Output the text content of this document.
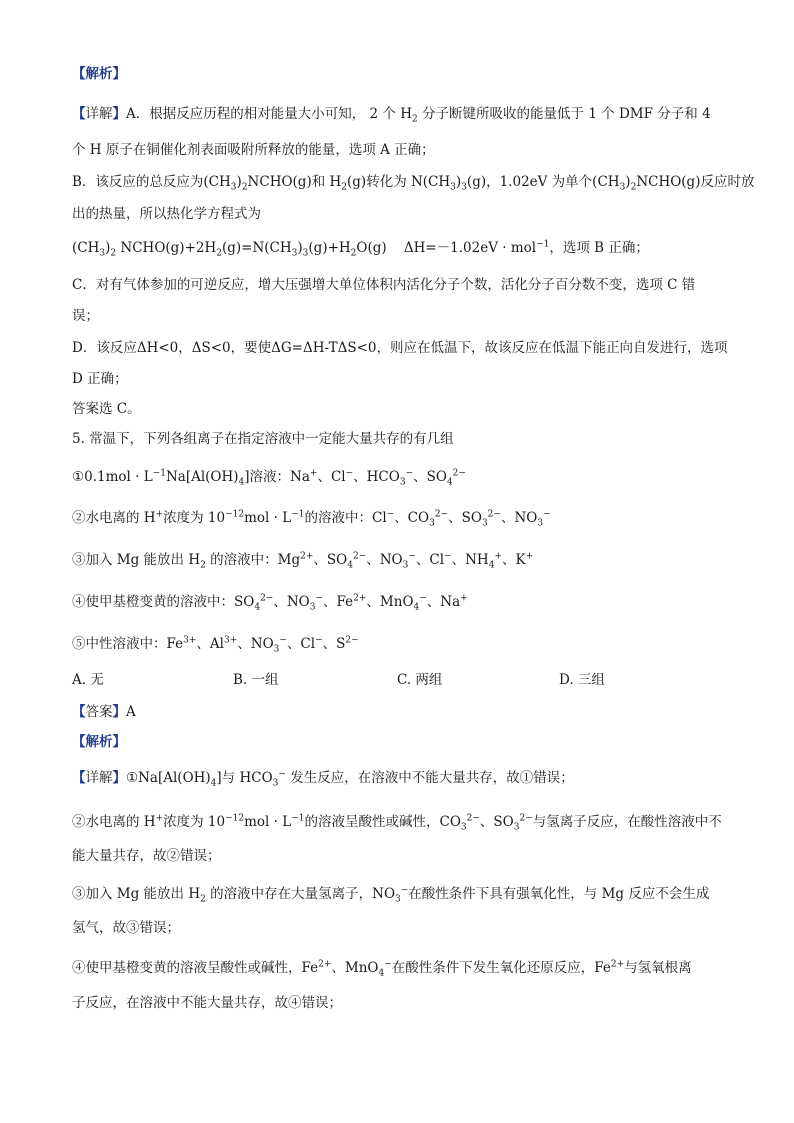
【解析】
【详解】A．根据反应历程的相对能量大小可知， 2 个 $H_2$ 分子断键所吸收的能量低于 1 个 DMF 分子和 4
个 H 原子在铜催化剂表面吸附所释放的能量，选项 A 正确；
B．该反应的总反应为$(CH_3)_2NCHO(g)$和 $H_2(g)$转化为 $N(CH_3)_3(g)$，1.02eV 为单个$(CH_3)_2NCHO(g)$反应时放
出的热量，所以热化学方程式为
$(CH_3)_2$ $NCHO(g)+2H_2(g)=N(CH_3)_3(g)+H_2O(g)$    ΔH=－1.02eV · mol$^{-1}$，选项 B 正确；
C．对有气体参加的可逆反应，增大压强增大单位体积内活化分子个数，活化分子百分数不变，选项 C 错
误；
D．该反应ΔH<0，ΔS<0，要使ΔG=ΔH-TΔS<0，则应在低温下，故该反应在低温下能正向自发进行，选项
D 正确；
答案选 C。
5. 常温下，下列各组离子在指定溶液中一定能大量共存的有几组
①0.1mol · $L^{-1}Na[Al(OH)_4]$溶液：Na+、Cl−、$HCO_3^-$、$SO_4^{2-}$
②水电离的 H+浓度为 $10^{-12}mol \cdot L^{-1}$的溶液中：Cl−、$CO_3^{2-}$、$SO_3^{2-}$、$NO_3^-$
③加入 Mg 能放出 $H_2$ 的溶液中：$Mg^{2+}$、$SO_4^{2-}$、$NO_3^-$、Cl−、$NH_4^+$、K+
④使甲基橙变黄的溶液中：$SO_4^{2-}$、$NO_3^-$、$Fe^{2+}$、MnO$_4$−、Na+
⑤中性溶液中：$Fe^{3+}$、$Al^{3+}$、$NO_3^-$、Cl−、$S^{2-}$
A. 无	B. 一组	C. 两组	D. 三组
【答案】A
【解析】
【详解】$①Na[Al(OH)_4]$与 $HCO_3^-$ 发生反应，在溶液中不能大量共存，故①错误；
②水电离的 H+浓度为 $10^{-12}mol \cdot L^{-1}$的溶液呈酸性或碱性，$CO_3^{2-}$、$SO_3^{2-}$与氢离子反应，在酸性溶液中不
能大量共存，故②错误；
③加入 Mg 能放出 $H_2$ 的溶液中存在大量氢离子，$NO_3^-$在酸性条件下具有强氧化性，与 Mg 反应不会生成
氢气，故③错误；
④使甲基橙变黄的溶液呈酸性或碱性，$Fe^{2+}$、MnO$_4$−在酸性条件下发生氧化还原反应，$Fe^{2+}$与氢氧根离
子反应，在溶液中不能大量共存，故④错误；
